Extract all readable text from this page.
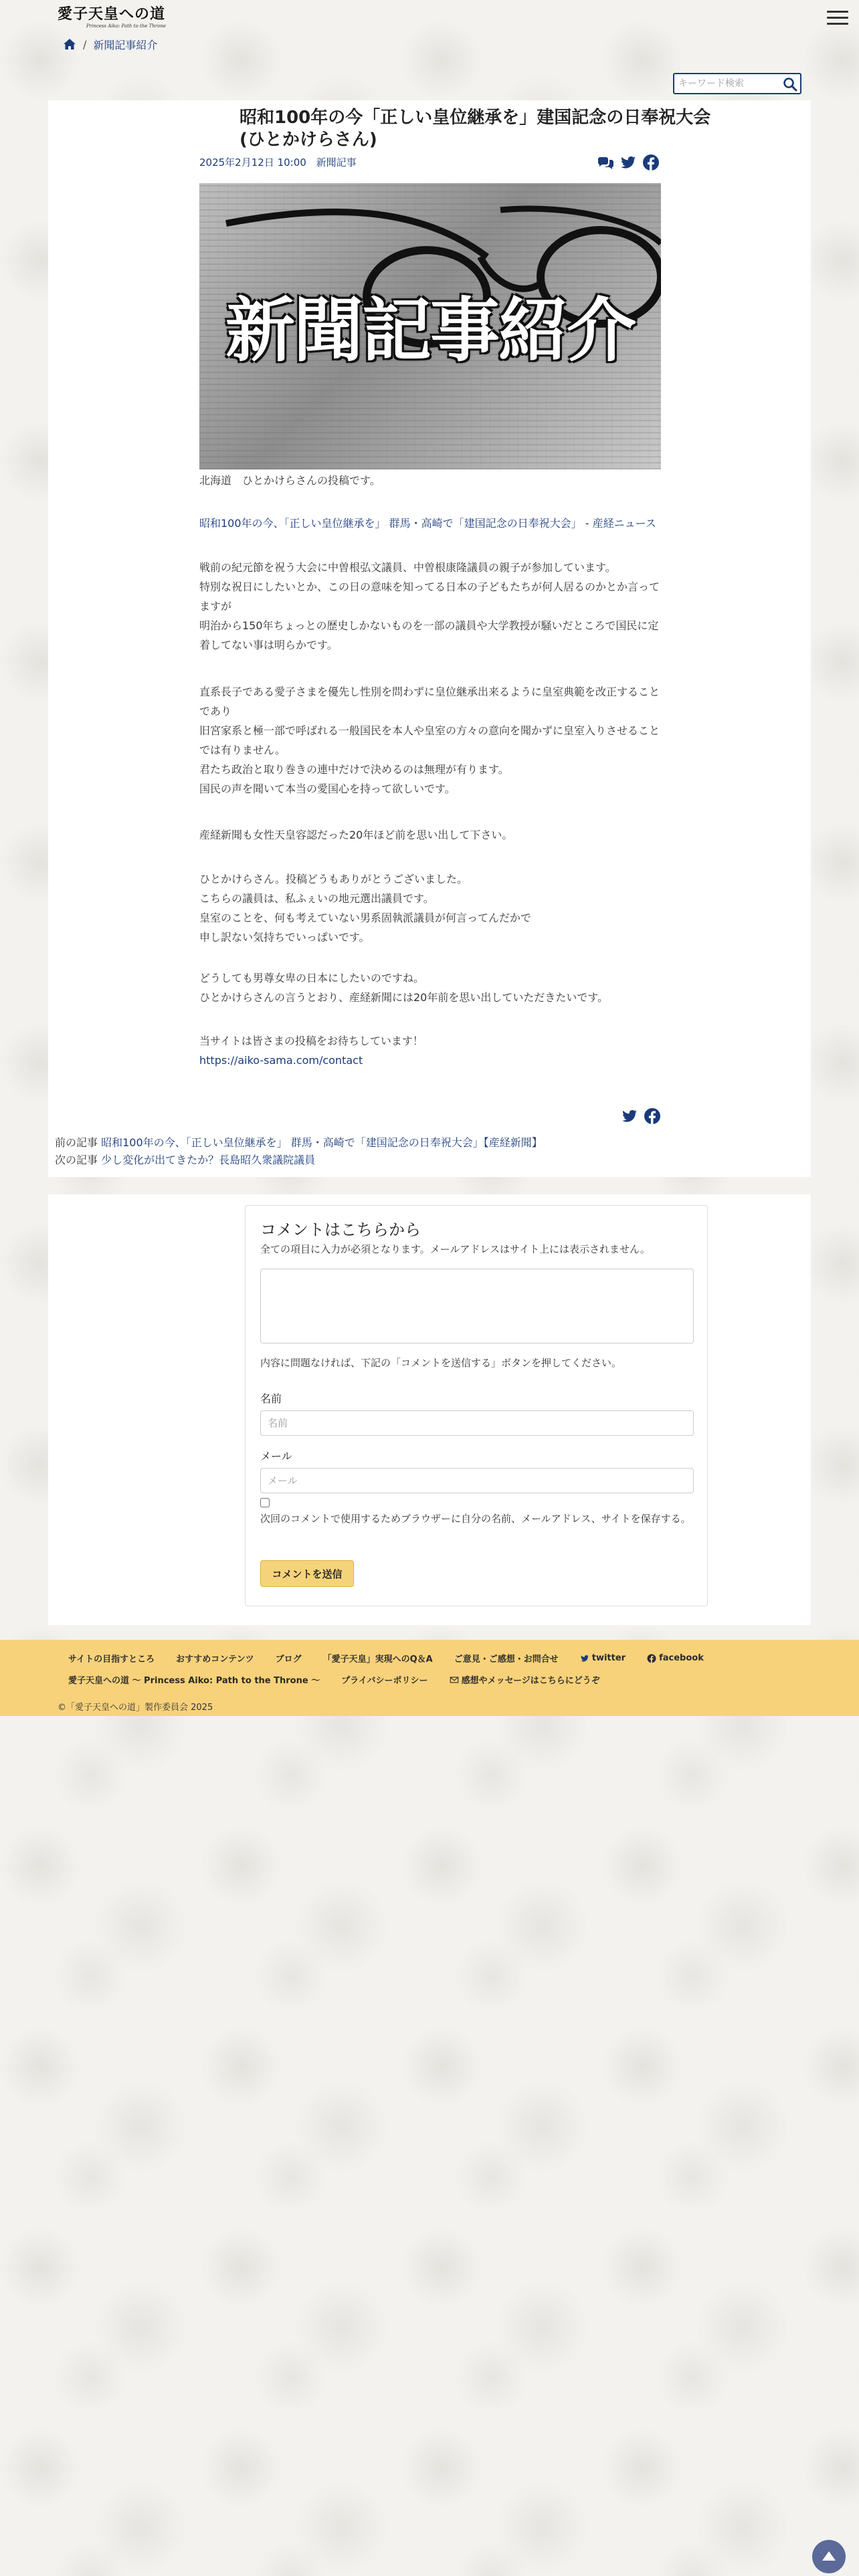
愛子天皇への道
Princess Aiko: Path to the Throne
/ 新聞記事紹介
キーワード検索
昭和100年の今「正しい皇位継承を」建国記念の日奉祝大会(ひとかけらさん)
2025年2月12日 10:00 新聞記事
新聞記事紹介

北海道　ひとかけらさんの投稿です。

昭和100年の今、「正しい皇位継承を」 群馬・高崎で「建国記念の日奉祝大会」 - 産経ニュース

戦前の紀元節を祝う大会に中曽根弘文議員、中曽根康隆議員の親子が参加しています。

特別な祝日にしたいとか、この日の意味を知ってる日本の子どもたちが何人居るのかとか言ってますが

明治から150年ちょっとの歴史しかないものを一部の議員や大学教授が騒いだところで国民に定着してない事は明らかです。

直系長子である愛子さまを優先し性別を問わずに皇位継承出来るように皇室典範を改正することであり

旧宮家系と極一部で呼ばれる一般国民を本人や皇室の方々の意向を聞かずに皇室入りさせることでは有りません。

君たち政治と取り巻きの連中だけで決めるのは無理が有ります。

国民の声を聞いて本当の愛国心を持って欲しいです。

産経新聞も女性天皇容認だった20年ほど前を思い出して下さい。

ひとかけらさん。投稿どうもありがとうございました。

こちらの議員は、私ふぇいの地元選出議員です。

皇室のことを、何も考えていない男系固執派議員が何言ってんだかで

申し訳ない気持ちでいっぱいです。

どうしても男尊女卑の日本にしたいのですね。

ひとかけらさんの言うとおり、産経新聞には20年前を思い出していただきたいです。

当サイトは皆さまの投稿をお待ちしています！

https://aiko-sama.com/contact
前の記事 昭和100年の今、「正しい皇位継承を」 群馬・高崎で「建国記念の日奉祝大会」【産経新聞】
次の記事 少し変化が出てきたか？長島昭久衆議院議員
コメントはこちらから
全ての項目に入力が必須となります。メールアドレスはサイト上には表示されません。
内容に問題なければ、下記の「コメントを送信する」ボタンを押してください。
名前
名前
メール
メール
次回のコメントで使用するためブラウザーに自分の名前、メールアドレス、サイトを保存する。
コメントを送信
サイトの目指すところ おすすめコンテンツ ブログ 「愛子天皇」実現へのQ＆A ご意見・ご感想・お問合せ	twitter	facebook
愛子天皇への道 〜 Princess Aiko: Path to the Throne 〜 プライバシーポリシー	感想やメッセージはこちらにどうぞ
©「愛子天皇への道」製作委員会 2025
